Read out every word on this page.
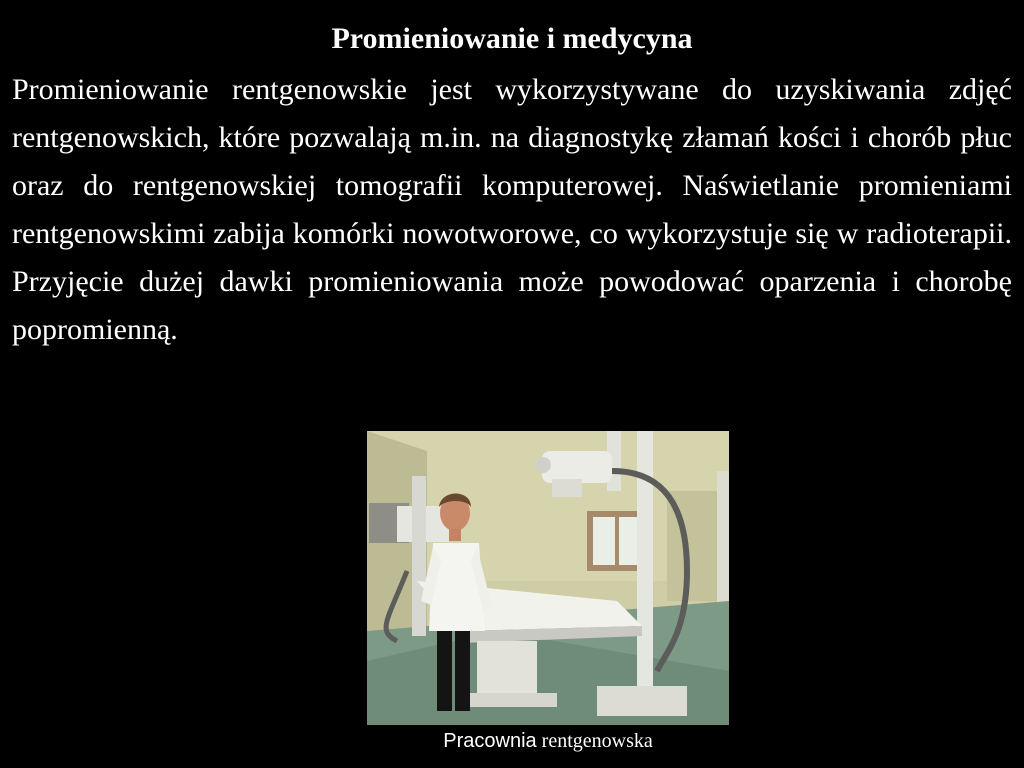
Promieniowanie i medycyna
Promieniowanie rentgenowskie jest wykorzystywane do uzyskiwania zdjęć rentgenowskich, które pozwalają m.in. na diagnostykę złamań kości i chorób płuc oraz do rentgenowskiej tomografii komputerowej. Naświetlanie promieniami rentgenowskimi zabija komórki nowotworowe, co wykorzystuje się w radioterapii. Przyjęcie dużej dawki promieniowania może powodować oparzenia i chorobę popromienną.
Pracownia rentgenowska
